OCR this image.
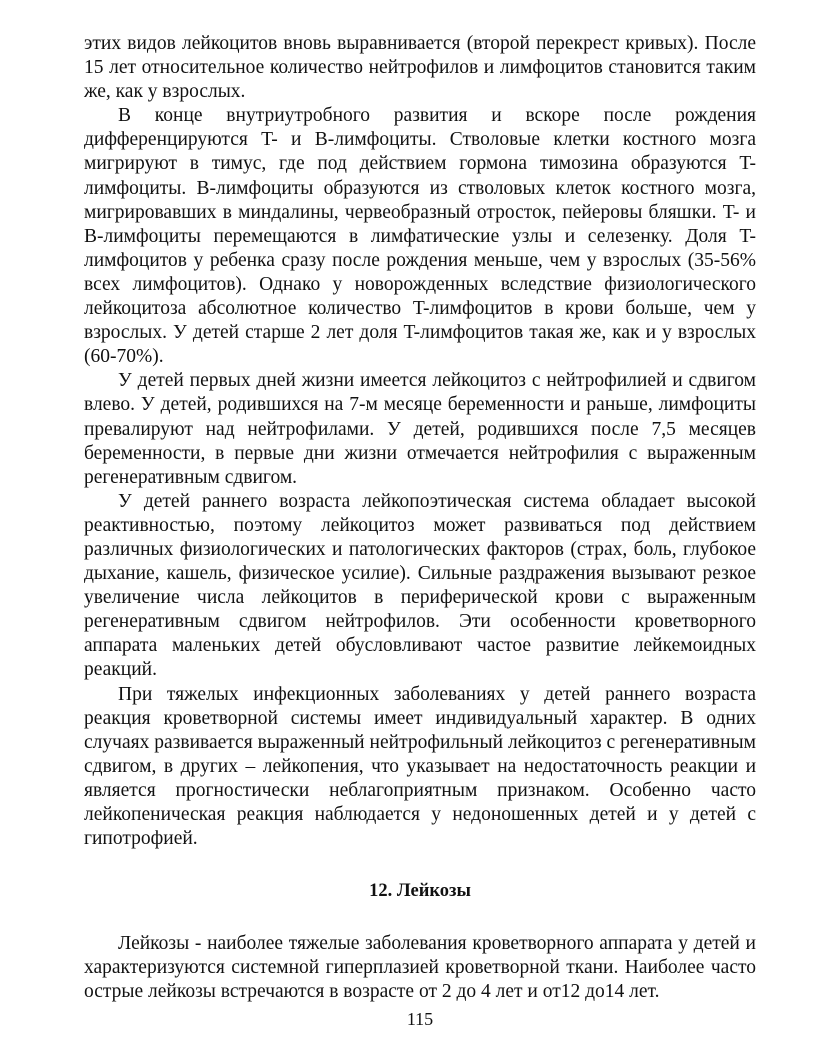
этих видов лейкоцитов вновь выравнивается (второй перекрест кривых). После 15 лет относительное количество нейтрофилов и лимфоцитов становится таким же, как у взрослых.

В конце внутриутробного развития и вскоре после рождения дифференцируются T- и B-лимфоциты. Стволовые клетки костного мозга мигрируют в тимус, где под действием гормона тимозина образуются T-лимфоциты. B-лимфоциты образуются из стволовых клеток костного мозга, мигрировавших в миндалины, червеобразный отросток, пейеровы бляшки. T- и B-лимфоциты перемещаются в лимфатические узлы и селезенку. Доля T-лимфоцитов у ребенка сразу после рождения меньше, чем у взрослых (35-56% всех лимфоцитов). Однако у новорожденных вследствие физиологического лейкоцитоза абсолютное количество T-лимфоцитов в крови больше, чем у взрослых. У детей старше 2 лет доля T-лимфоцитов такая же, как и у взрослых (60-70%).

У детей первых дней жизни имеется лейкоцитоз с нейтрофилией и сдвигом влево. У детей, родившихся на 7-м месяце беременности и раньше, лимфоциты превалируют над нейтрофилами. У детей, родившихся после 7,5 месяцев беременности, в первые дни жизни отмечается нейтрофилия с выраженным регенеративным сдвигом.

У детей раннего возраста лейкопоэтическая система обладает высокой реактивностью, поэтому лейкоцитоз может развиваться под действием различных физиологических и патологических факторов (страх, боль, глубокое дыхание, кашель, физическое усилие). Сильные раздражения вызывают резкое увеличение числа лейкоцитов в периферической крови с выраженным регенеративным сдвигом нейтрофилов. Эти особенности кроветворного аппарата маленьких детей обусловливают частое развитие лейкемоидных реакций.

При тяжелых инфекционных заболеваниях у детей раннего возраста реакция кроветворной системы имеет индивидуальный характер. В одних случаях развивается выраженный нейтрофильный лейкоцитоз с регенеративным сдвигом, в других – лейкопения, что указывает на недостаточность реакции и является прогностически неблагоприятным признаком. Особенно часто лейкопеническая реакция наблюдается у недоношенных детей и у детей с гипотрофией.

12. Лейкозы

Лейкозы - наиболее тяжелые заболевания кроветворного аппарата у детей и характеризуются системной гиперплазией кроветворной ткани. Наиболее часто острые лейкозы встречаются в возрасте от 2 до 4 лет и от12 до14 лет.

115
